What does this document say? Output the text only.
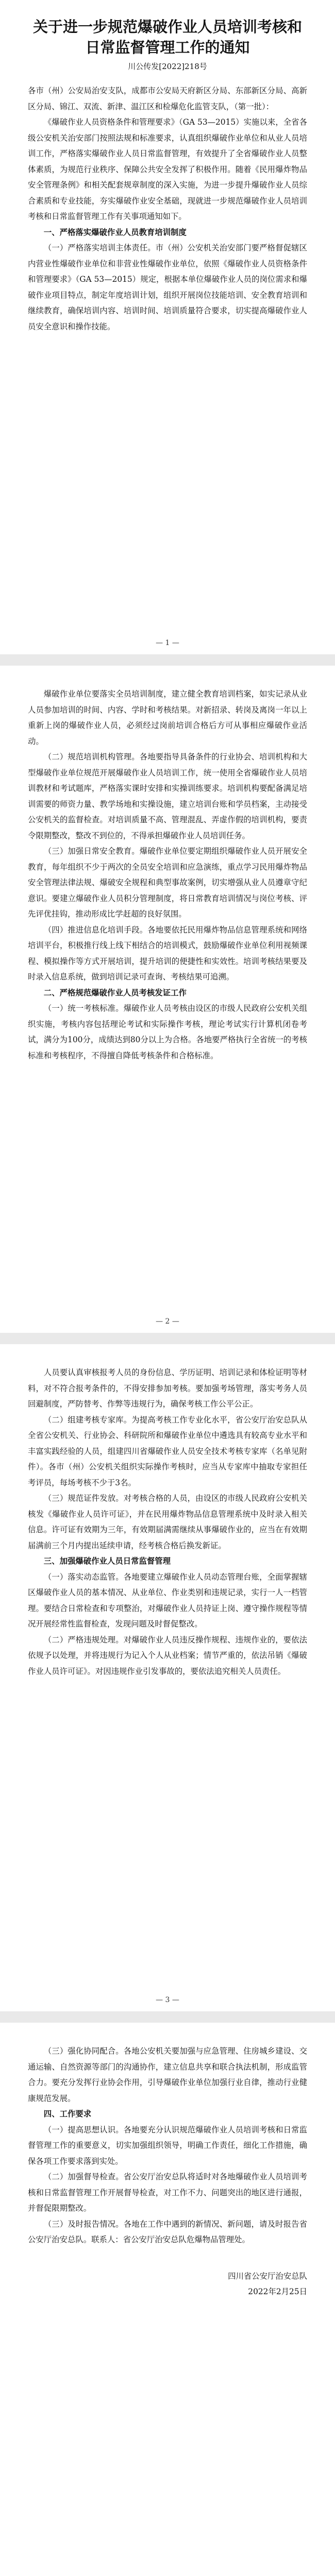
关于进一步规范爆破作业人员培训考核和
日常监督管理工作的通知
川公传发[2022]218号

各市（州）公安局治安支队，成都市公安局天府新区分局、东部新区分局、高新区分局、锦江、双流、新津、温江区和检爆危化监管支队，（第一批）：

《爆破作业人员资格条件和管理要求》（GA 53—2015）实施以来，全省各级公安机关治安部门按照法规和标准要求，认真组织爆破作业单位和从业人员培训工作，严格落实爆破作业人员日常监督管理，有效提升了全省爆破作业人员整体素质，为规范行业秩序、保障公共安全发挥了积极作用。随着《民用爆炸物品安全管理条例》和相关配套规章制度的深入实施，为进一步提升爆破作业人员综合素质和专业技能，夯实爆破作业安全基础，现就进一步规范爆破作业人员培训考核和日常监督管理工作有关事项通知如下。

一、严格落实爆破作业人员教育培训制度

（一）严格落实培训主体责任。市（州）公安机关治安部门要严格督促辖区内营业性爆破作业单位和非营业性爆破作业单位，依照《爆破作业人员资格条件和管理要求》（GA 53—2015）规定，根据本单位爆破作业人员的岗位需求和爆破作业项目特点，制定年度培训计划，组织开展岗位技能培训、安全教育培训和继续教育，确保培训内容、培训时间、培训质量符合要求，切实提高爆破作业人员安全意识和操作技能。

— 1 —

爆破作业单位要落实全员培训制度，建立健全教育培训档案，如实记录从业人员参加培训的时间、内容、学时和考核结果。对新招录、转岗及离岗一年以上重新上岗的爆破作业人员，必须经过岗前培训合格后方可从事相应爆破作业活动。

（二）规范培训机构管理。各地要指导具备条件的行业协会、培训机构和大型爆破作业单位规范开展爆破作业人员培训工作，统一使用全省爆破作业人员培训教材和考试题库，严格落实课时安排和实操训练要求。培训机构要配备满足培训需要的师资力量、教学场地和实操设施，建立培训台账和学员档案，主动接受公安机关的监督检查。对培训质量不高、管理混乱、弄虚作假的培训机构，要责令限期整改，整改不到位的，不得承担爆破作业人员培训任务。

（三）加强日常安全教育。爆破作业单位要定期组织爆破作业人员开展安全教育，每年组织不少于两次的全员安全培训和应急演练，重点学习民用爆炸物品安全管理法律法规、爆破安全规程和典型事故案例，切实增强从业人员遵章守纪意识。要建立爆破作业人员积分管理制度，将日常教育培训情况与岗位考核、评先评优挂钩，推动形成比学赶超的良好氛围。

（四）推进信息化培训手段。各地要依托民用爆炸物品信息管理系统和网络培训平台，积极推行线上线下相结合的培训模式，鼓励爆破作业单位利用视频课程、模拟操作等方式开展培训，提升培训的便捷性和实效性。培训考核结果要及时录入信息系统，做到培训记录可查询、考核结果可追溯。

二、严格规范爆破作业人员考核发证工作

（一）统一考核标准。爆破作业人员考核由设区的市级人民政府公安机关组织实施，考核内容包括理论考试和实际操作考核，理论考试实行计算机闭卷考试，满分为100分，成绩达到80分以上为合格。各地要严格执行全省统一的考核标准和考核程序，不得擅自降低考核条件和合格标准。

— 2 —

人员要认真审核报考人员的身份信息、学历证明、培训记录和体检证明等材料，对不符合报考条件的，不得安排参加考核。要加强考场管理，落实考务人员回避制度，严防替考、作弊等违规行为，确保考核工作公平公正。

（二）组建考核专家库。为提高考核工作专业化水平，省公安厅治安总队从全省公安机关、行业协会、科研院所和爆破作业单位中遴选具有较高专业水平和丰富实践经验的人员，组建四川省爆破作业人员安全技术考核专家库（名单见附件）。各市（州）公安机关组织实际操作考核时，应当从专家库中抽取专家担任考评员，每场考核不少于3名。

（三）规范证件发放。对考核合格的人员，由设区的市级人民政府公安机关核发《爆破作业人员许可证》，并在民用爆炸物品信息管理系统中及时录入相关信息。许可证有效期为三年，有效期届满需继续从事爆破作业的，应当在有效期届满前三个月内提出延续申请，经考核合格后换发新证。

三、加强爆破作业人员日常监督管理

（一）落实动态监管。各地要建立爆破作业人员动态管理台账，全面掌握辖区爆破作业人员的基本情况、从业单位、作业类别和违规记录，实行一人一档管理。要结合日常检查和专项整治，对爆破作业人员持证上岗、遵守操作规程等情况开展经常性监督检查，发现问题及时督促整改。

（二）严格违规处理。对爆破作业人员违反操作规程、违规作业的，要依法依规予以处理，并将违规行为记入个人从业档案；情节严重的，依法吊销《爆破作业人员许可证》。对因违规作业引发事故的，要依法追究相关人员责任。

— 3 —

（三）强化协同配合。各地公安机关要加强与应急管理、住房城乡建设、交通运输、自然资源等部门的沟通协作，建立信息共享和联合执法机制，形成监管合力。要充分发挥行业协会作用，引导爆破作业单位加强行业自律，推动行业健康规范发展。

四、工作要求

（一）提高思想认识。各地要充分认识规范爆破作业人员培训考核和日常监督管理工作的重要意义，切实加强组织领导，明确工作责任，细化工作措施，确保各项工作要求落到实处。

（二）加强督导检查。省公安厅治安总队将适时对各地爆破作业人员培训考核和日常监督管理工作开展督导检查，对工作不力、问题突出的地区进行通报，并督促限期整改。

（三）及时报告情况。各地在工作中遇到的新情况、新问题，请及时报告省公安厅治安总队。联系人：省公安厅治安总队危爆物品管理处。

四川省公安厅治安总队
2022年2月25日
